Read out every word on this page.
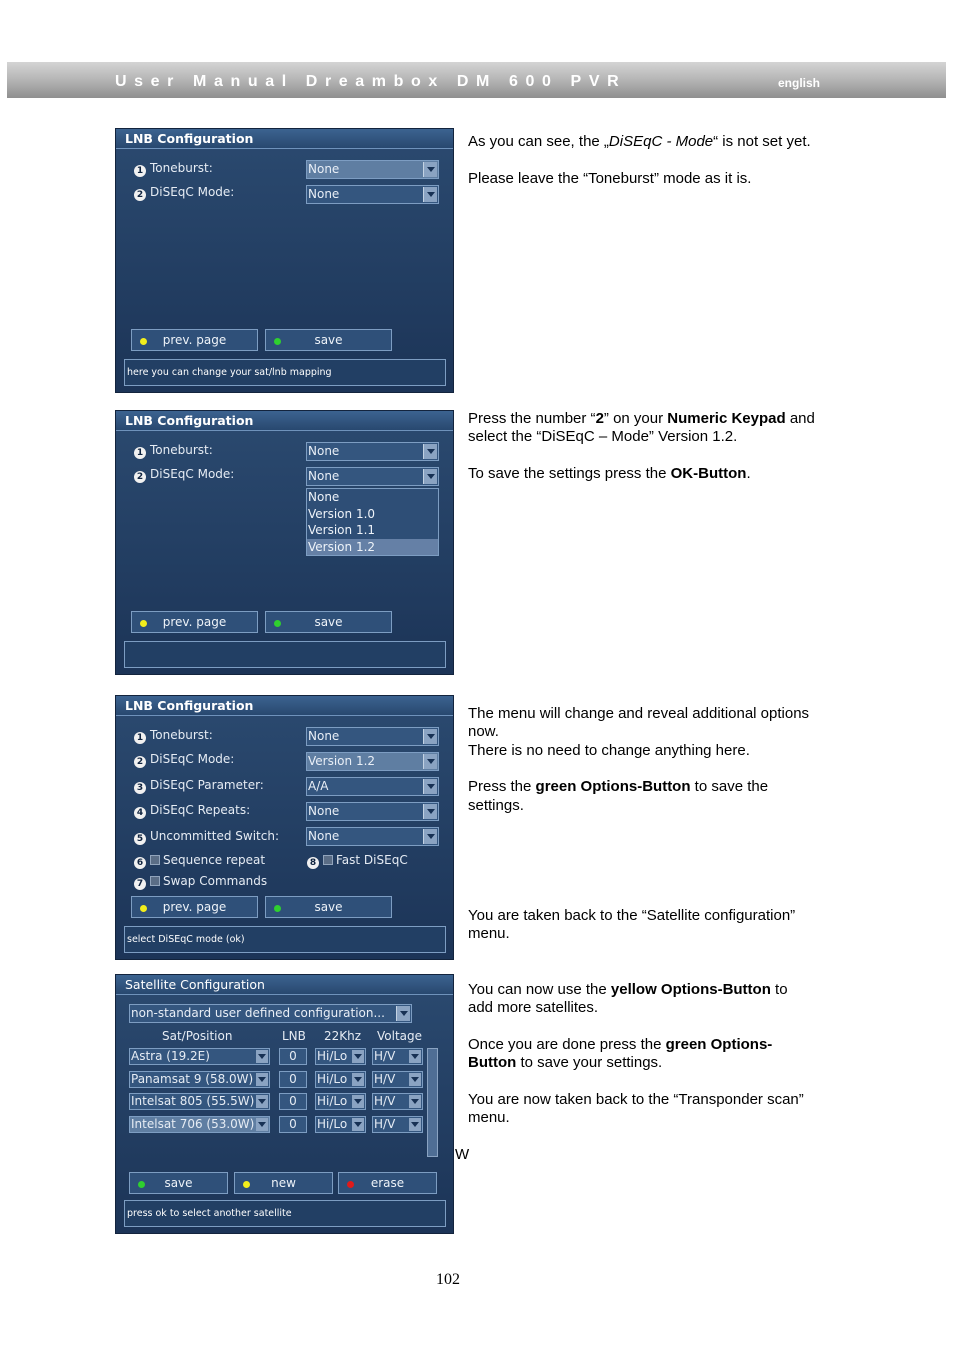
User Manual Dreambox DM 600 PVR	english
LNB Configuration
1 Toneburst:	None
2 DiSEqC Mode:	None
prev. page	save
here you can change your sat/lnb mapping

As you can see, the „DiSEqC - Mode“ is not set yet.

Please leave the “Toneburst” mode as it is.

LNB Configuration
1 Toneburst:	None
2 DiSEqC Mode:	None
None
Version 1.0
Version 1.1
Version 1.2
prev. page	save

Press the number “2” on your Numeric Keypad and

select the “DiSEqC – Mode” Version 1.2.

To save the settings press the OK-Button.

LNB Configuration
1 Toneburst:	None
2 DiSEqC Mode:	Version 1.2
3 DiSEqC Parameter:	A/A
4 DiSEqC Repeats:	None
5 Uncommitted Switch: None
6 Sequence repeat	8 Fast DiSEqC
7 Swap Commands
prev. page	save
select DiSEqC mode (ok)

The menu will change and reveal additional options

now.

There is no need to change anything here.

Press the green Options-Button to save the

settings.

You are taken back to the “Satellite configuration”

menu.

Satellite Configuration
non-standard user defined configuration...
Sat/Position	LNB 22Khz Voltage
Astra (19.2E)	0	Hi/Lo	H/V
Panamsat 9 (58.0W)	0	Hi/Lo	H/V
Intelsat 805 (55.5W)	0	Hi/Lo	H/V
Intelsat 706 (53.0W)	0	Hi/Lo	H/V
save	new	erase
press ok to select another satellite

You can now use the yellow Options-Button to

add more satellites.

Once you are done press the green Options-

Button to save your settings.

You are now taken back to the “Transponder scan”

menu.

W
102
